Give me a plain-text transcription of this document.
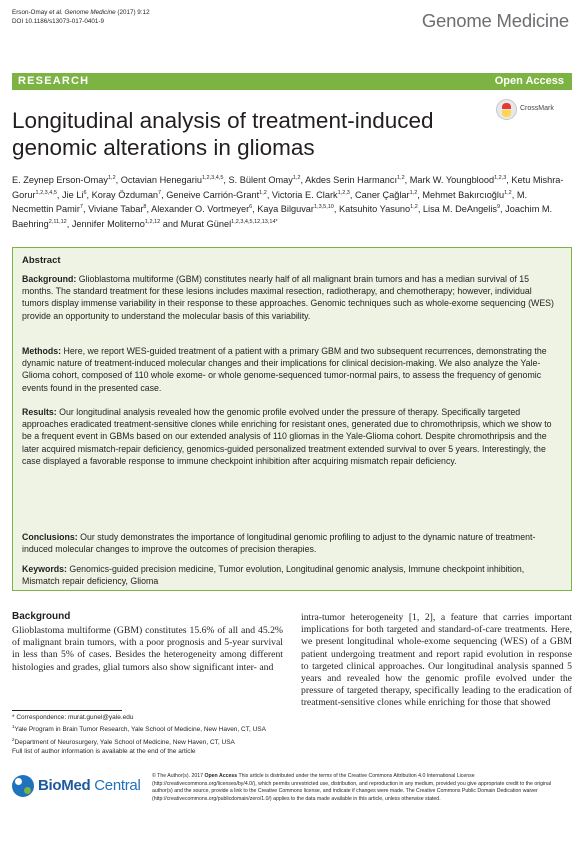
Erson-Omay et al. Genome Medicine (2017) 9:12
DOI 10.1186/s13073-017-0401-9	Genome Medicine
RESEARCH	Open Access
CrossMark
Longitudinal analysis of treatment-induced
genomic alterations in gliomas
E. Zeynep Erson-Omay$^{1,2}$, Octavian Henegariu$^{1,2,3,4,5}$, S. Bülent Omay$^{1,2}$, Akdes Serin Harmancı$^{1,2}$, Mark W. Youngblood$^{1,2,3}$, Ketu Mishra-Gorur$^{1,2,3,4,5}$, Jie Li$^6$, Koray Özduman$^7$, Geneive Carrión-Grant$^{1,2}$, Victoria E. Clark$^{1,2,3}$, Caner Çağlar$^{1,2}$, Mehmet Bakırcıoğlu$^{1,2}$, M. Necmettin Pamir$^7$, Viviane Tabar$^8$, Alexander O. Vortmeyer$^6$, Kaya Bilguvar$^{1,3,5,10}$, Katsuhito Yasuno$^{1,2}$, Lisa M. DeAngelis$^9$, Joachim M. Baehring$^{2,11,12}$, Jennifer Moliterno$^{1,2,12}$ and Murat Günel$^{1,2,3,4,5,12,13,14*}$
Abstract
Background: Glioblastoma multiforme (GBM) constitutes nearly half of all malignant brain tumors and has a median survival of 15 months. The standard treatment for these lesions includes maximal resection, radiotherapy, and chemotherapy; however, individual tumors display immense variability in their response to these approaches. Genomic techniques such as whole-exome sequencing (WES) provide an opportunity to understand the molecular basis of this variability.
Methods: Here, we report WES-guided treatment of a patient with a primary GBM and two subsequent recurrences, demonstrating the dynamic nature of treatment-induced molecular changes and their implications for clinical decision-making. We also analyze the Yale-Glioma cohort, composed of 110 whole exome- or whole genome-sequenced tumor-normal pairs, to assess the frequency of genomic events found in the presented case.
Results: Our longitudinal analysis revealed how the genomic profile evolved under the pressure of therapy. Specifically targeted approaches eradicated treatment-sensitive clones while enriching for resistant ones, generated due to chromothripsis, which we show to be a frequent event in GBMs based on our extended analysis of 110 gliomas in the Yale-Glioma cohort. Despite chromothripsis and the later acquired mismatch-repair deficiency, genomics-guided personalized treatment extended survival to over 5 years. Interestingly, the case displayed a favorable response to immune checkpoint inhibition after acquiring mismatch repair deficiency.
Conclusions: Our study demonstrates the importance of longitudinal genomic profiling to adjust to the dynamic nature of treatment-induced molecular changes to improve the outcomes of precision therapies.
Keywords: Genomics-guided precision medicine, Tumor evolution, Longitudinal genomic analysis, Immune checkpoint inhibition, Mismatch repair deficiency, Glioma
Background
Glioblastoma multiforme (GBM) constitutes 15.6% of all and 45.2% of malignant brain tumors, with a poor prognosis and 5-year survival in less than 5% of cases. Besides the heterogeneity among different histologies and grades, glial tumors also show significant inter- and
intra-tumor heterogeneity [1, 2], a feature that carries important implications for both targeted and standard-of-care treatments. Here, we present longitudinal whole-exome sequencing (WES) of a GBM patient undergoing treatment and report rapid evolution in response to targeted clinical approaches. Our longitudinal analysis spanned 5 years and revealed how the genomic profile evolved under the pressure of targeted therapy, specifically leading to the eradication of treatment-sensitive clones while enriching for those that showed
* Correspondence: murat.gunel@yale.edu
$^1$Yale Program in Brain Tumor Research, Yale School of Medicine, New Haven, CT, USA
$^2$Department of Neurosurgery, Yale School of Medicine, New Haven, CT, USA
Full list of author information is available at the end of the article
BioMed Central
© The Author(s). 2017 Open Access This article is distributed under the terms of the Creative Commons Attribution 4.0 International License (http://creativecommons.org/licenses/by/4.0/), which permits unrestricted use, distribution, and reproduction in any medium, provided you give appropriate credit to the original author(s) and the source, provide a link to the Creative Commons license, and indicate if changes were made. The Creative Commons Public Domain Dedication waiver (http://creativecommons.org/publicdomain/zero/1.0/) applies to the data made available in this article, unless otherwise stated.
